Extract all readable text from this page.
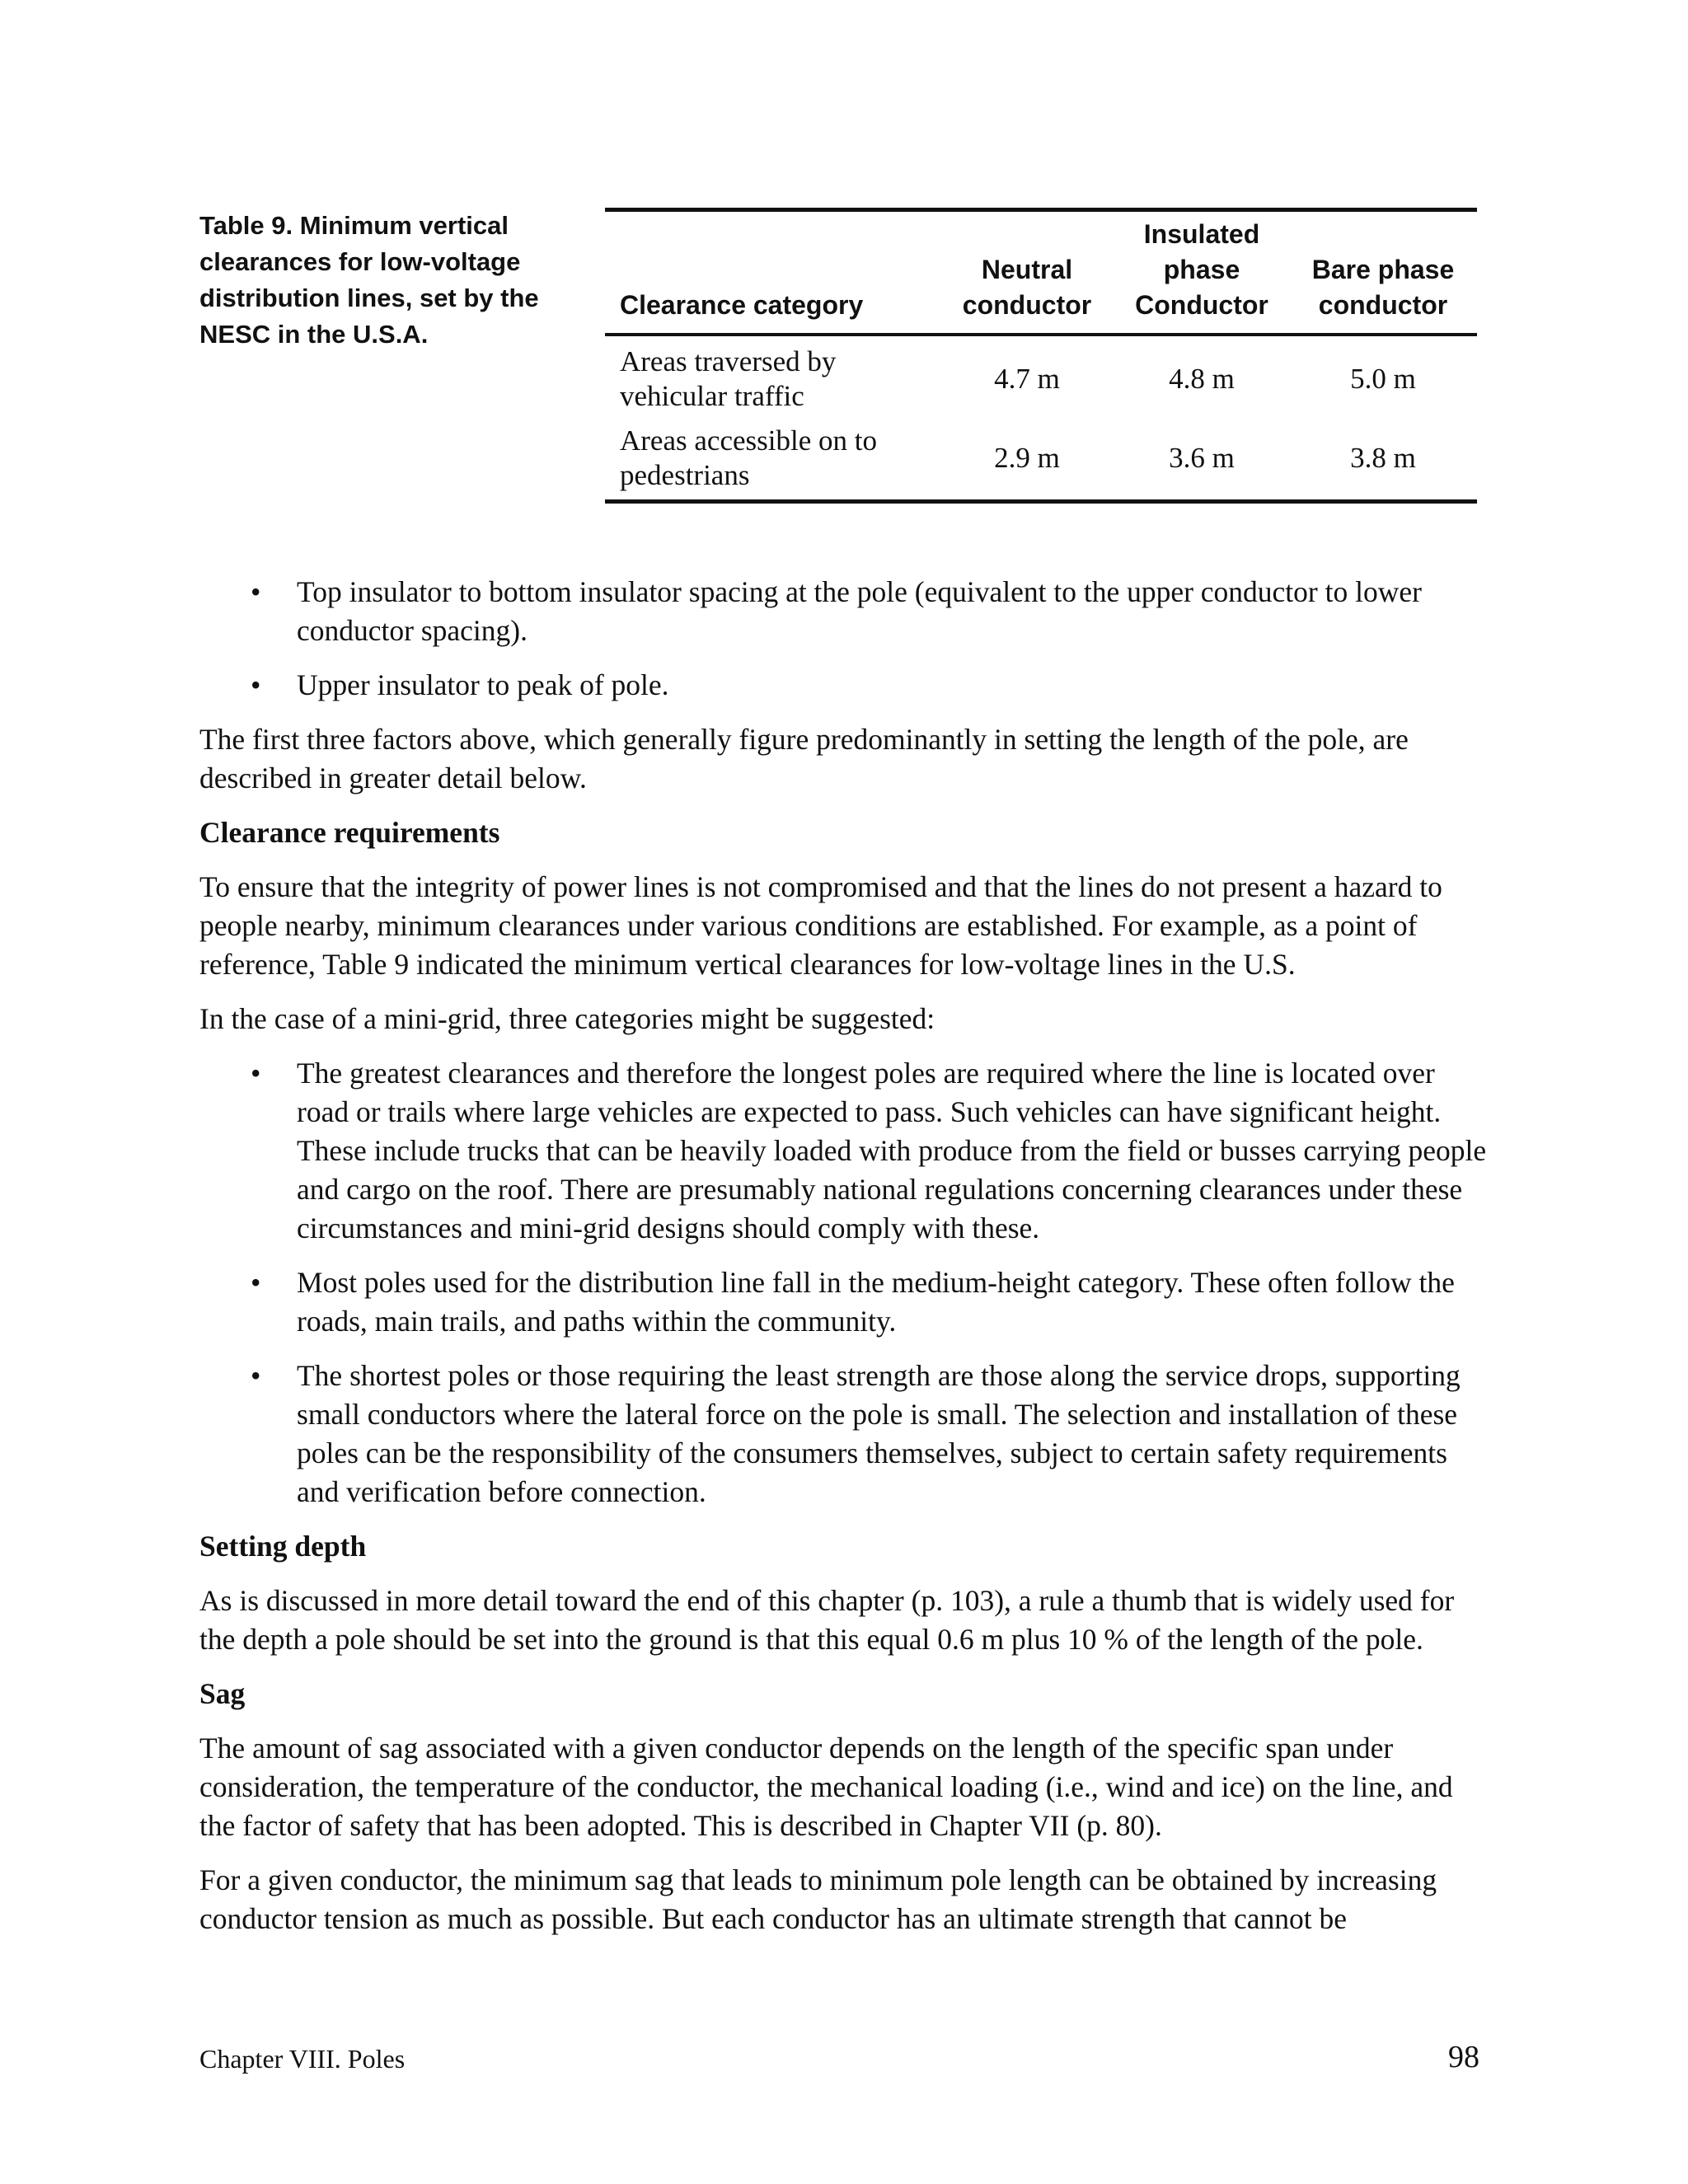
Table 9. Minimum vertical clearances for low-voltage distribution lines, set by the NESC in the U.S.A.
Clearance category	Neutral conductor	Insulated phase Conductor	Bare phase conductor
Areas traversed by vehicular traffic	4.7 m	4.8 m	5.0 m
Areas accessible on to pedestrians	2.9 m	3.6 m	3.8 m
• Top insulator to bottom insulator spacing at the pole (equivalent to the upper conductor to lower conductor spacing).
• Upper insulator to peak of pole.

The first three factors above, which generally figure predominantly in setting the length of the pole, are described in greater detail below.

Clearance requirements

To ensure that the integrity of power lines is not compromised and that the lines do not present a hazard to people nearby, minimum clearances under various conditions are established. For example, as a point of reference, Table 9 indicated the minimum vertical clearances for low-voltage lines in the U.S.

In the case of a mini-grid, three categories might be suggested:

• The greatest clearances and therefore the longest poles are required where the line is located over road or trails where large vehicles are expected to pass. Such vehicles can have significant height. These include trucks that can be heavily loaded with produce from the field or busses carrying people and cargo on the roof. There are presumably national regulations concerning clearances under these circumstances and mini-grid designs should comply with these.
• Most poles used for the distribution line fall in the medium-height category. These often follow the roads, main trails, and paths within the community.
• The shortest poles or those requiring the least strength are those along the service drops, supporting small conductors where the lateral force on the pole is small. The selection and installation of these poles can be the responsibility of the consumers themselves, subject to certain safety requirements and verification before connection.
Setting depth

As is discussed in more detail toward the end of this chapter (p. 103), a rule a thumb that is widely used for the depth a pole should be set into the ground is that this equal 0.6 m plus 10 % of the length of the pole.

Sag

The amount of sag associated with a given conductor depends on the length of the specific span under consideration, the temperature of the conductor, the mechanical loading (i.e., wind and ice) on the line, and the factor of safety that has been adopted. This is described in Chapter VII (p. 80).

For a given conductor, the minimum sag that leads to minimum pole length can be obtained by increasing conductor tension as much as possible. But each conductor has an ultimate strength that cannot be

Chapter VIII. Poles	98
